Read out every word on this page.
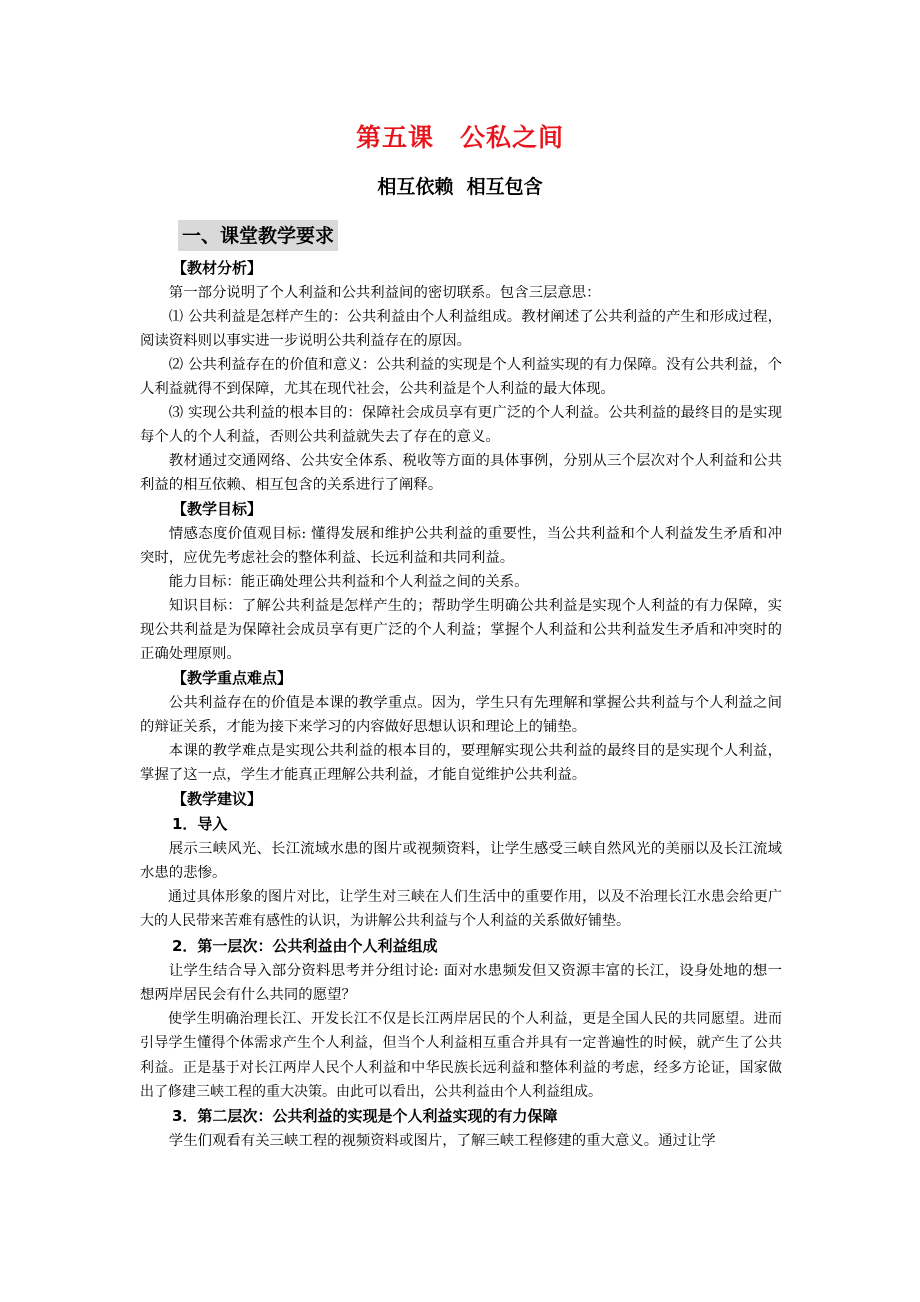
第五课　公私之间
相互依赖  相互包含
一、课堂教学要求
【教材分析】

第一部分说明了个人利益和公共利益间的密切联系。包含三层意思：

⑴ 公共利益是怎样产生的：公共利益由个人利益组成。教材阐述了公共利益的产生和形成过程，阅读资料则以事实进一步说明公共利益存在的原因。

⑵ 公共利益存在的价值和意义：公共利益的实现是个人利益实现的有力保障。没有公共利益，个人利益就得不到保障，尤其在现代社会，公共利益是个人利益的最大体现。

⑶ 实现公共利益的根本目的：保障社会成员享有更广泛的个人利益。公共利益的最终目的是实现每个人的个人利益，否则公共利益就失去了存在的意义。

教材通过交通网络、公共安全体系、税收等方面的具体事例，分别从三个层次对个人利益和公共利益的相互依赖、相互包含的关系进行了阐释。

【教学目标】

情感态度价值观目标: 懂得发展和维护公共利益的重要性，当公共利益和个人利益发生矛盾和冲突时，应优先考虑社会的整体利益、长远利益和共同利益。

能力目标：能正确处理公共利益和个人利益之间的关系。

知识目标：了解公共利益是怎样产生的；帮助学生明确公共利益是实现个人利益的有力保障，实现公共利益是为保障社会成员享有更广泛的个人利益；掌握个人利益和公共利益发生矛盾和冲突时的正确处理原则。

【教学重点难点】

公共利益存在的价值是本课的教学重点。因为，学生只有先理解和掌握公共利益与个人利益之间的辩证关系，才能为接下来学习的内容做好思想认识和理论上的铺垫。

本课的教学难点是实现公共利益的根本目的，要理解实现公共利益的最终目的是实现个人利益，掌握了这一点，学生才能真正理解公共利益，才能自觉维护公共利益。

【教学建议】
1．导入

展示三峡风光、长江流域水患的图片或视频资料，让学生感受三峡自然风光的美丽以及长江流域水患的悲惨。

通过具体形象的图片对比，让学生对三峡在人们生活中的重要作用，以及不治理长江水患会给更广大的人民带来苦难有感性的认识，为讲解公共利益与个人利益的关系做好铺垫。

2．第一层次：公共利益由个人利益组成

让学生结合导入部分资料思考并分组讨论: 面对水患频发但又资源丰富的长江，设身处地的想一想两岸居民会有什么共同的愿望？

使学生明确治理长江、开发长江不仅是长江两岸居民的个人利益，更是全国人民的共同愿望。进而引导学生懂得个体需求产生个人利益，但当个人利益相互重合并具有一定普遍性的时候，就产生了公共利益。正是基于对长江两岸人民个人利益和中华民族长远利益和整体利益的考虑，经多方论证，国家做出了修建三峡工程的重大决策。由此可以看出，公共利益由个人利益组成。

3．第二层次：公共利益的实现是个人利益实现的有力保障

学生们观看有关三峡工程的视频资料或图片，了解三峡工程修建的重大意义。通过让学
